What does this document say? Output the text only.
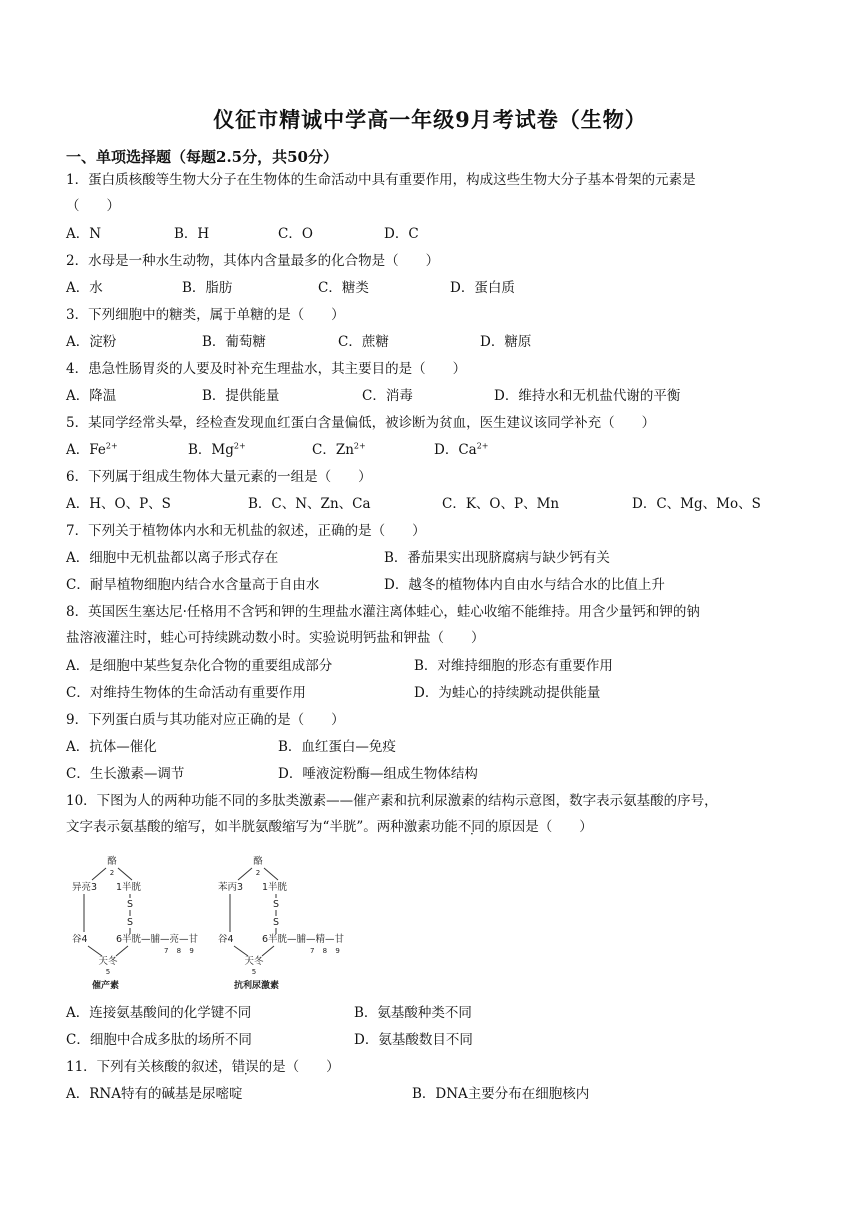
仪征市精诚中学高一年级9月考试卷（生物）
一、单项选择题（每题2.5分，共50分）
1．蛋白质核酸等生物大分子在生物体的生命活动中具有重要作用，构成这些生物大分子基本骨架的元素是
（　　）
A．N	B．H	C．O	D．C
2．水母是一种水生动物，其体内含量最多的化合物是（　　）
A．水	B．脂肪	C．糖类	D．蛋白质
3．下列细胞中的糖类，属于单糖的是（　　）
A．淀粉	B．葡萄糖	C．蔗糖	D．糖原
4．患急性肠胃炎的人要及时补充生理盐水，其主要目的是（　　）
A．降温	B．提供能量	C．消毒	D．维持水和无机盐代谢的平衡
5．某同学经常头晕，经检查发现血红蛋白含量偏低，被诊断为贫血，医生建议该同学补充（　　）
A．$Fe^{2+}$	B．$Mg^{2+}$	C．$Zn^{2+}$	D．$Ca^{2+}$
6．下列属于组成生物体大量元素的一组是（　　）
A．H、O、P、S	B．C、N、Zn、Ca	C．K、O、P、Mn	D．C、Mg、Mo、S
7．下列关于植物体内水和无机盐的叙述，正确的是（　　）
A．细胞中无机盐都以离子形式存在	B．番茄果实出现脐腐病与缺少钙有关
C．耐旱植物细胞内结合水含量高于自由水	D．越冬的植物体内自由水与结合水的比值上升
8．英国医生塞达尼·任格用不含钙和钾的生理盐水灌注离体蛙心，蛙心收缩不能维持。用含少量钙和钾的钠
盐溶液灌注时，蛙心可持续跳动数小时。实验说明钙盐和钾盐（　　）
A．是细胞中某些复杂化合物的重要组成部分	B．对维持细胞的形态有重要作用
C．对维持生物体的生命活动有重要作用	D．为蛙心的持续跳动提供能量
9．下列蛋白质与其功能对应正确的是（　　）
A．抗体—催化	B．血红蛋白—免疫
C．生长激素—调节	D．唾液淀粉酶—组成生物体结构
10．下图为人的两种功能不同的多肽类激素——催产素和抗利尿激素的结构示意图，数字表示氨基酸的序号，
文字表示氨基酸的缩写，如半胱氨酸缩写为“半胱”。两种激素功能不同的原因是（　　）
酪
2
异亮3 1半胱
S
S
谷4	6半胱—脯—亮—甘
7 8 9
天冬
5
催产素
酪
2
苯丙3 1半胱
S
S
谷4	6半胱—脯—精—甘
7 8 9
天冬
5
抗利尿激素
A．连接氨基酸间的化学键不同	B．氨基酸种类不同
C．细胞中合成多肽的场所不同	D．氨基酸数目不同
11．下列有关核酸的叙述，错误的是（　　）
A．RNA特有的碱基是尿嘧啶	B．DNA主要分布在细胞核内
